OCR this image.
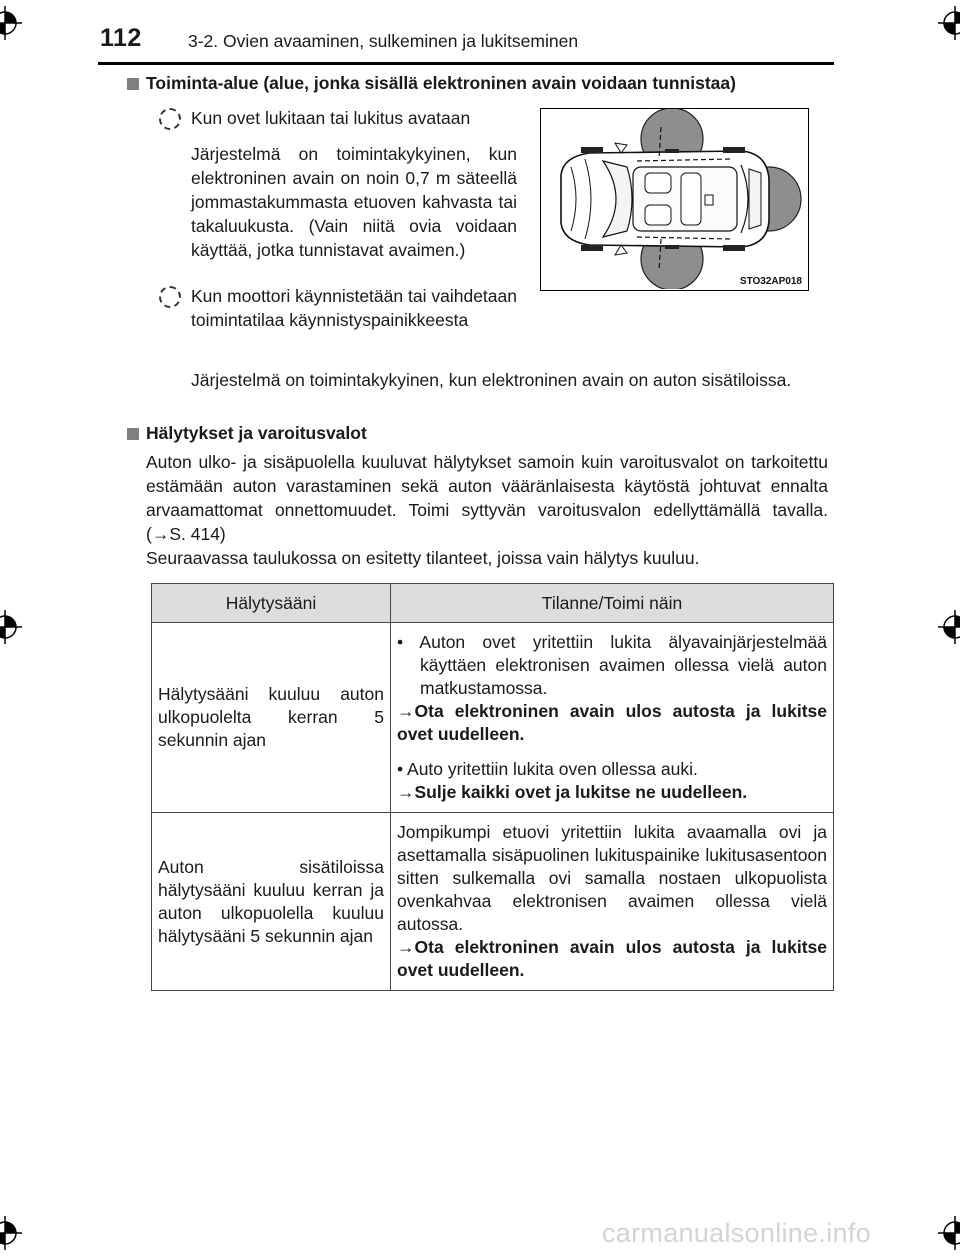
112	3-2. Ovien avaaminen, sulkeminen ja lukitseminen
Toiminta-alue (alue, jonka sisällä elektroninen avain voidaan tunnistaa)
Kun ovet lukitaan tai lukitus avataan
Järjestelmä on toimintakykyinen, kun elektroninen avain on noin 0,7 m säteellä jommastakummasta etuoven kahvasta tai takaluukusta. (Vain niitä ovia voidaan käyttää, jotka tunnistavat avaimen.)
Kun moottori käynnistetään tai vaihdetaan toimintatilaa käynnistyspainikkeesta
Järjestelmä on toimintakykyinen, kun elektroninen avain on auton sisätiloissa.
STO32AP018
Hälytykset ja varoitusvalot
Auton ulko- ja sisäpuolella kuuluvat hälytykset samoin kuin varoitusvalot on tarkoitettu estämään auton varastaminen sekä auton vääränlaisesta käytöstä johtuvat ennalta arvaamattomat onnettomuudet. Toimi syttyvän varoitusvalon edellyttämällä tavalla. (→S. 414)
Seuraavassa taulukossa on esitetty tilanteet, joissa vain hälytys kuuluu.
Hälytysääni	Tilanne/Toimi näin
Hälytysääni kuuluu auton ulkopuolelta kerran 5 sekunnin ajan	• Auton ovet yritettiin lukita älyavainjärjestelmää käyttäen elektronisen avaimen ollessa vielä auton matkustamossa.
→Ota elektroninen avain ulos autosta ja lukitse ovet uudelleen.
• Auto yritettiin lukita oven ollessa auki.
→Sulje kaikki ovet ja lukitse ne uudelleen.

Auton sisätiloissa hälytysääni kuuluu kerran ja auton ulkopuolella kuuluu hälytysääni 5 sekunnin ajan	Jompikumpi etuovi yritettiin lukita avaamalla ovi ja asettamalla sisäpuolinen lukituspainike lukitusasentoon sitten sulkemalla ovi samalla nostaen ulkopuolista ovenkahvaa elektronisen avaimen ollessa vielä autossa.
→Ota elektroninen avain ulos autosta ja lukitse ovet uudelleen.
carmanualsonline.info
